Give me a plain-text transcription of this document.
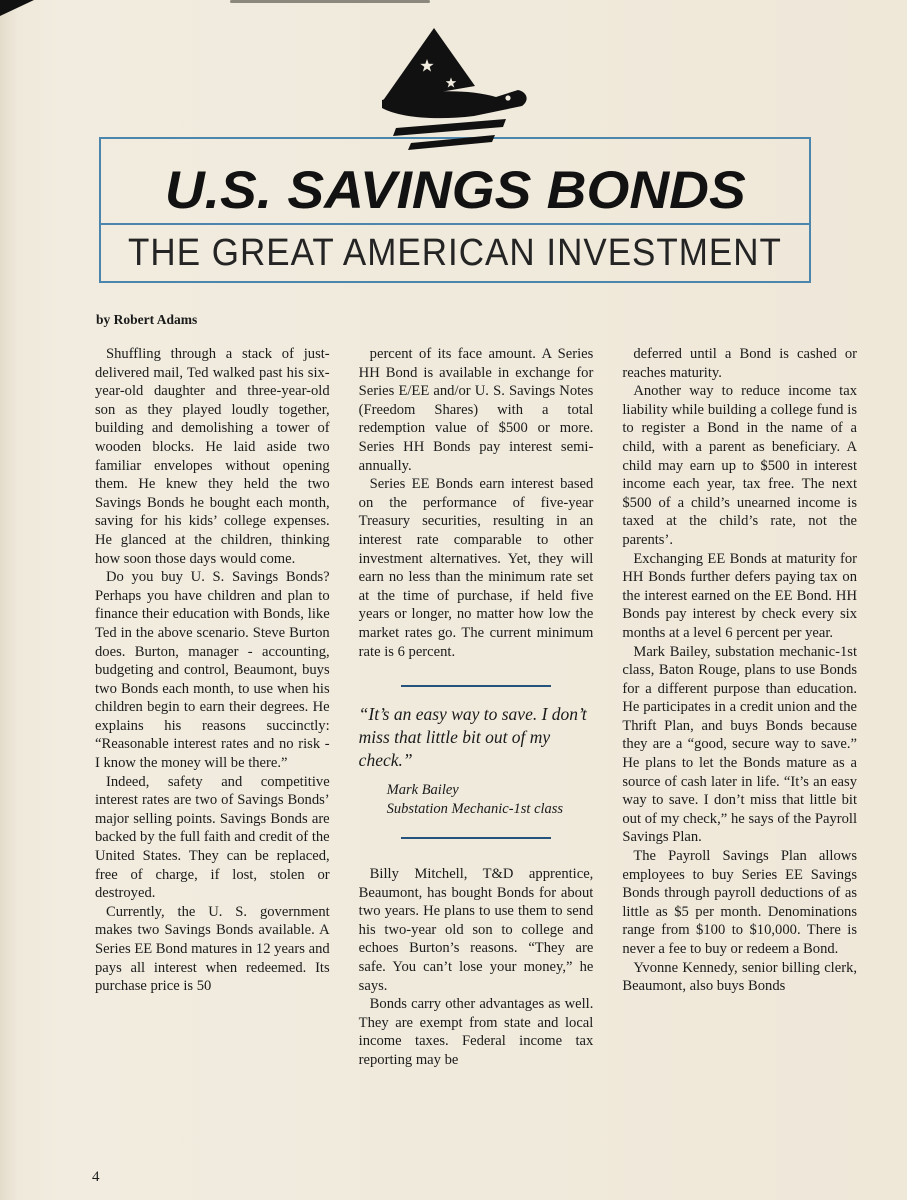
U.S. SAVINGS BONDS
THE GREAT AMERICAN INVESTMENT
by Robert Adams

Shuffling through a stack of just-delivered mail, Ted walked past his six-year-old daughter and three-year-old son as they played loudly together, building and demolishing a tower of wooden blocks. He laid aside two familiar envelopes without opening them. He knew they held the two Savings Bonds he bought each month, saving for his kids’ college expenses. He glanced at the children, thinking how soon those days would come.

Do you buy U. S. Savings Bonds? Perhaps you have children and plan to finance their education with Bonds, like Ted in the above scenario. Steve Burton does. Burton, manager - accounting, budgeting and control, Beaumont, buys two Bonds each month, to use when his children begin to earn their degrees. He explains his reasons succinctly: “Reasonable interest rates and no risk - I know the money will be there.”

Indeed, safety and competitive interest rates are two of Savings Bonds’ major selling points. Savings Bonds are backed by the full faith and credit of the United States. They can be replaced, free of charge, if lost, stolen or destroyed.

Currently, the U. S. government makes two Savings Bonds available. A Series EE Bond matures in 12 years and pays all interest when redeemed. Its purchase price is 50

percent of its face amount. A Series HH Bond is available in exchange for Series E/EE and/or U. S. Savings Notes (Freedom Shares) with a total redemption value of $500 or more. Series HH Bonds pay interest semi-annually.

Series EE Bonds earn interest based on the performance of five-year Treasury securities, resulting in an interest rate comparable to other investment alternatives. Yet, they will earn no less than the minimum rate set at the time of purchase, if held five years or longer, no matter how low the market rates go. The current minimum rate is 6 percent.

“It’s an easy way to save. I don’t miss that little bit out of my check.”
Mark Bailey
Substation Mechanic-1st class

Billy Mitchell, T&D apprentice, Beaumont, has bought Bonds for about two years. He plans to use them to send his two-year old son to college and echoes Burton’s reasons. “They are safe. You can’t lose your money,” he says.

Bonds carry other advantages as well. They are exempt from state and local income taxes. Federal income tax reporting may be

deferred until a Bond is cashed or reaches maturity.

Another way to reduce income tax liability while building a college fund is to register a Bond in the name of a child, with a parent as beneficiary. A child may earn up to $500 in interest income each year, tax free. The next $500 of a child’s unearned income is taxed at the child’s rate, not the parents’.

Exchanging EE Bonds at maturity for HH Bonds further defers paying tax on the interest earned on the EE Bond. HH Bonds pay interest by check every six months at a level 6 percent per year.

Mark Bailey, substation mechanic-1st class, Baton Rouge, plans to use Bonds for a different purpose than education. He participates in a credit union and the Thrift Plan, and buys Bonds because they are a “good, secure way to save.” He plans to let the Bonds mature as a source of cash later in life. “It’s an easy way to save. I don’t miss that little bit out of my check,” he says of the Payroll Savings Plan.

The Payroll Savings Plan allows employees to buy Series EE Savings Bonds through payroll deductions of as little as $5 per month. Denominations range from $100 to $10,000. There is never a fee to buy or redeem a Bond.

Yvonne Kennedy, senior billing clerk, Beaumont, also buys Bonds

4
